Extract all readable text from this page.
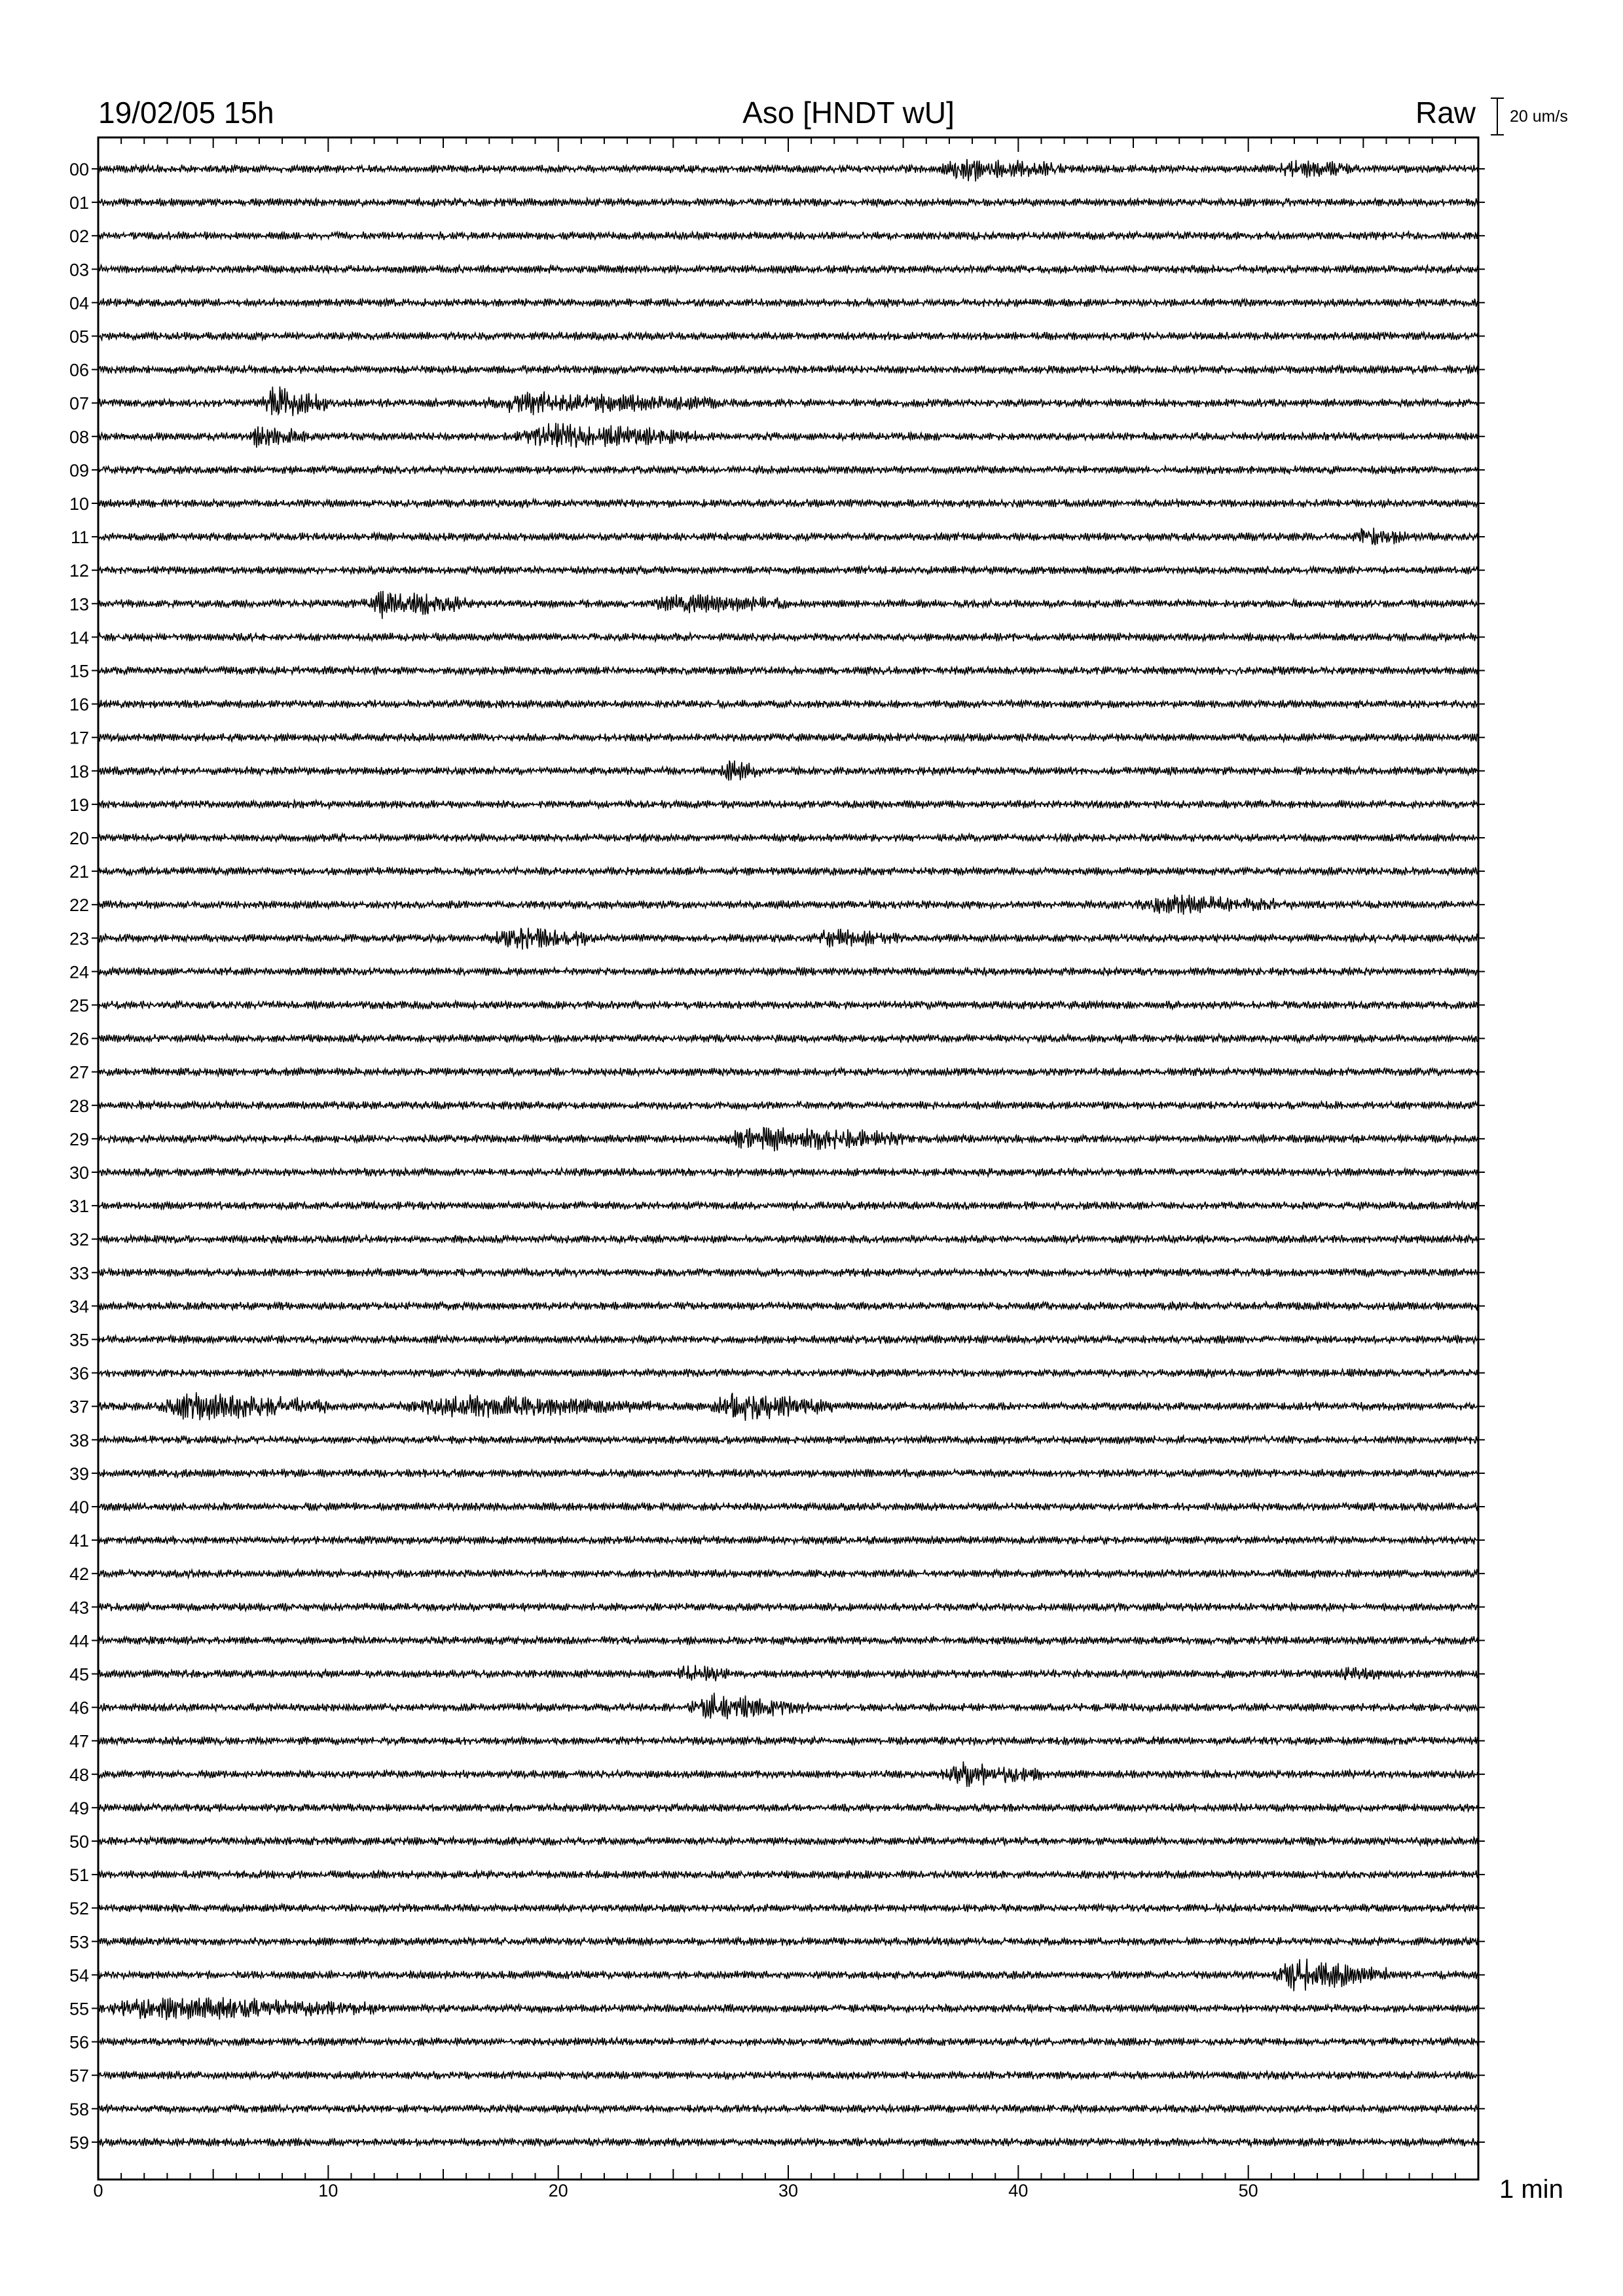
19/02/05 15h	Aso [HNDT wU]	Raw 20 um/s
00
01
02
03
04
05
06
07
08
09
10
11
12
13
14
15
16
17
18
19
20
21
22
23
24
25
26
27
28
29
30
31
32
33
34
35
36
37
38
39
40
41
42
43
44
45
46
47
48
49
50
51
52
53
54
55
56
57
58
59
0	10	20	30	40	50	1 min
